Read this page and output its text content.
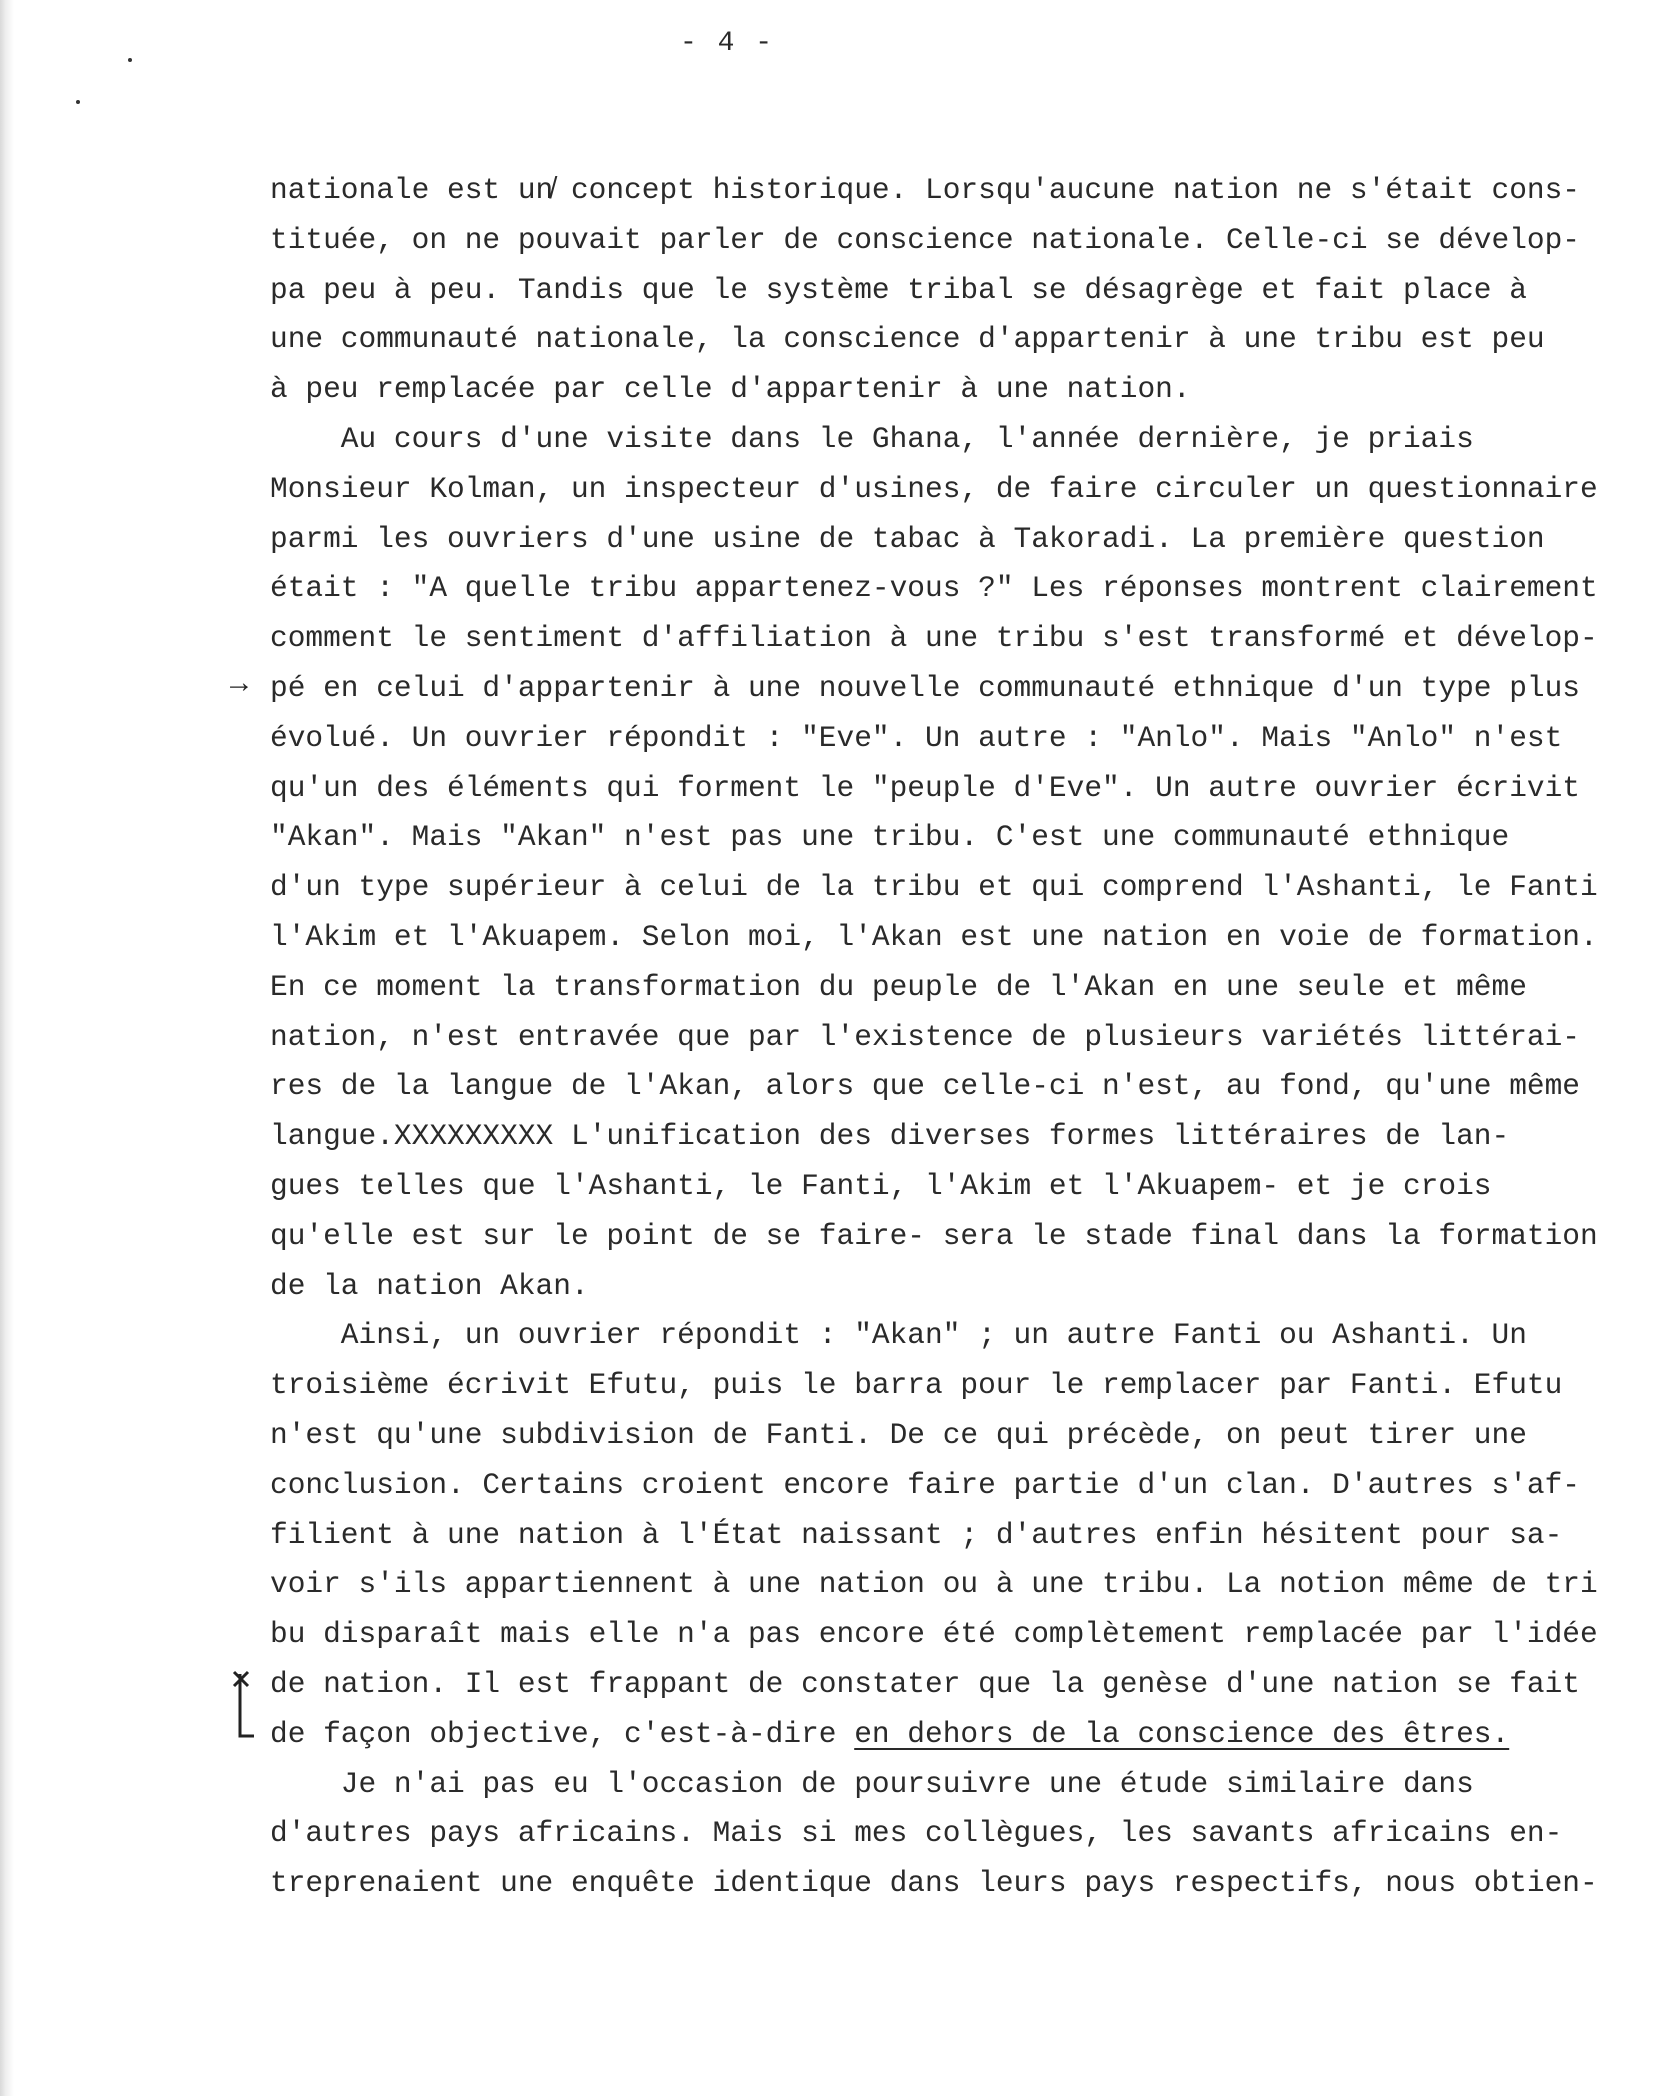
- 4 -

→

nationale est un̸ concept historique. Lorsqu'aucune nation ne s'était cons-

tituée, on ne pouvait parler de conscience nationale. Celle-ci se dévelop-

pa peu à peu. Tandis que le système tribal se désagrège et fait place à

une communauté nationale, la conscience d'appartenir à une tribu est peu

à peu remplacée par celle d'appartenir à une nation.

Au cours d'une visite dans le Ghana, l'année dernière, je priais

Monsieur Kolman, un inspecteur d'usines, de faire circuler un questionnaire

parmi les ouvriers d'une usine de tabac à Takoradi. La première question

était : "A quelle tribu appartenez-vous ?" Les réponses montrent clairement

comment le sentiment d'affiliation à une tribu s'est transformé et dévelop-

pé en celui d'appartenir à une nouvelle communauté ethnique d'un type plus

évolué. Un ouvrier répondit : "Eve". Un autre : "Anlo". Mais "Anlo" n'est

qu'un des éléments qui forment le "peuple d'Eve". Un autre ouvrier écrivit

"Akan". Mais "Akan" n'est pas une tribu. C'est une communauté ethnique

d'un type supérieur à celui de la tribu et qui comprend l'Ashanti, le Fanti

l'Akim et l'Akuapem. Selon moi, l'Akan est une nation en voie de formation.

En ce moment la transformation du peuple de l'Akan en une seule et même

nation, n'est entravée que par l'existence de plusieurs variétés littérai-

res de la langue de l'Akan, alors que celle-ci n'est, au fond, qu'une même

langue.XXXXXXXXX L'unification des diverses formes littéraires de lan-

gues telles que l'Ashanti, le Fanti, l'Akim et l'Akuapem- et je crois

qu'elle est sur le point de se faire- sera le stade final dans la formation

de la nation Akan.

Ainsi, un ouvrier répondit : "Akan" ; un autre Fanti ou Ashanti. Un

troisième écrivit Efutu, puis le barra pour le remplacer par Fanti. Efutu

n'est qu'une subdivision de Fanti. De ce qui précède, on peut tirer une

conclusion. Certains croient encore faire partie d'un clan. D'autres s'af-

filient à une nation à l'État naissant ; d'autres enfin hésitent pour sa-

voir s'ils appartiennent à une nation ou à une tribu. La notion même de tri

bu disparaît mais elle n'a pas encore été complètement remplacée par l'idée

de nation. Il est frappant de constater que la genèse d'une nation se fait

de façon objective, c'est-à-dire en dehors de la conscience des êtres.

Je n'ai pas eu l'occasion de poursuivre une étude similaire dans

d'autres pays africains. Mais si mes collègues, les savants africains en-

treprenaient une enquête identique dans leurs pays respectifs, nous obtien-
